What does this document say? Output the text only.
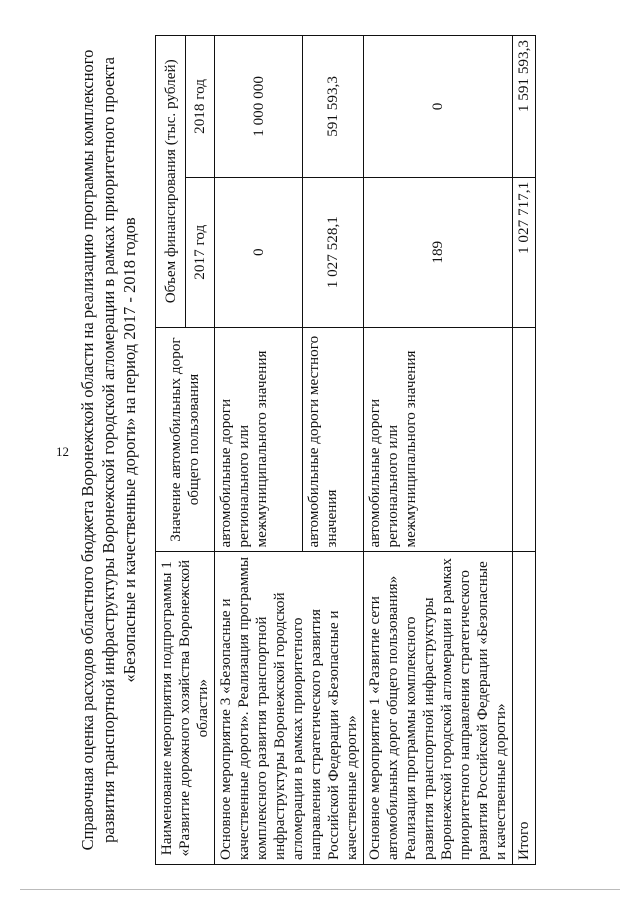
12 Справочная оценка расходов областного бюджета Воронежской области на реализацию программы комплексного развития транспортной инфраструктуры Воронежской городской агломерации в рамках приоритетного проекта «Безопасные и качественные дороги» на период 2017 - 2018 годов
Наименование мероприятия подпрограммы 1 «Развитие дорожного хозяйства Воронежской области»	Значение автомобильных дорог общего пользования	Объем финансирования (тыс. рублей)	
		2017 год	2018 год
Основное мероприятие 3 «Безопасные и качественные дороги». Реализация программы комплексного развития транспортной инфраструктуры Воронежской городской агломерации в рамках приоритетного направления стратегического развития Российской Федерации «Безопасные и качественные дороги»	автомобильные дороги регионального или межмуниципального значения	0	1 000 000
	автомобильные дороги местного значения	1 027 528,1	591 593,3
Основное мероприятие 1 «Развитие сети автомобильных дорог общего пользования» Реализация программы комплексного развития транспортной инфраструктуры Воронежской городской агломерации в рамках приоритетного направления стратегического развития Российской Федерации «Безопасные и качественные дороги»	автомобильные дороги регионального или межмуниципального значения	189	0
Итого		1 027 717,1	1 591 593,3
